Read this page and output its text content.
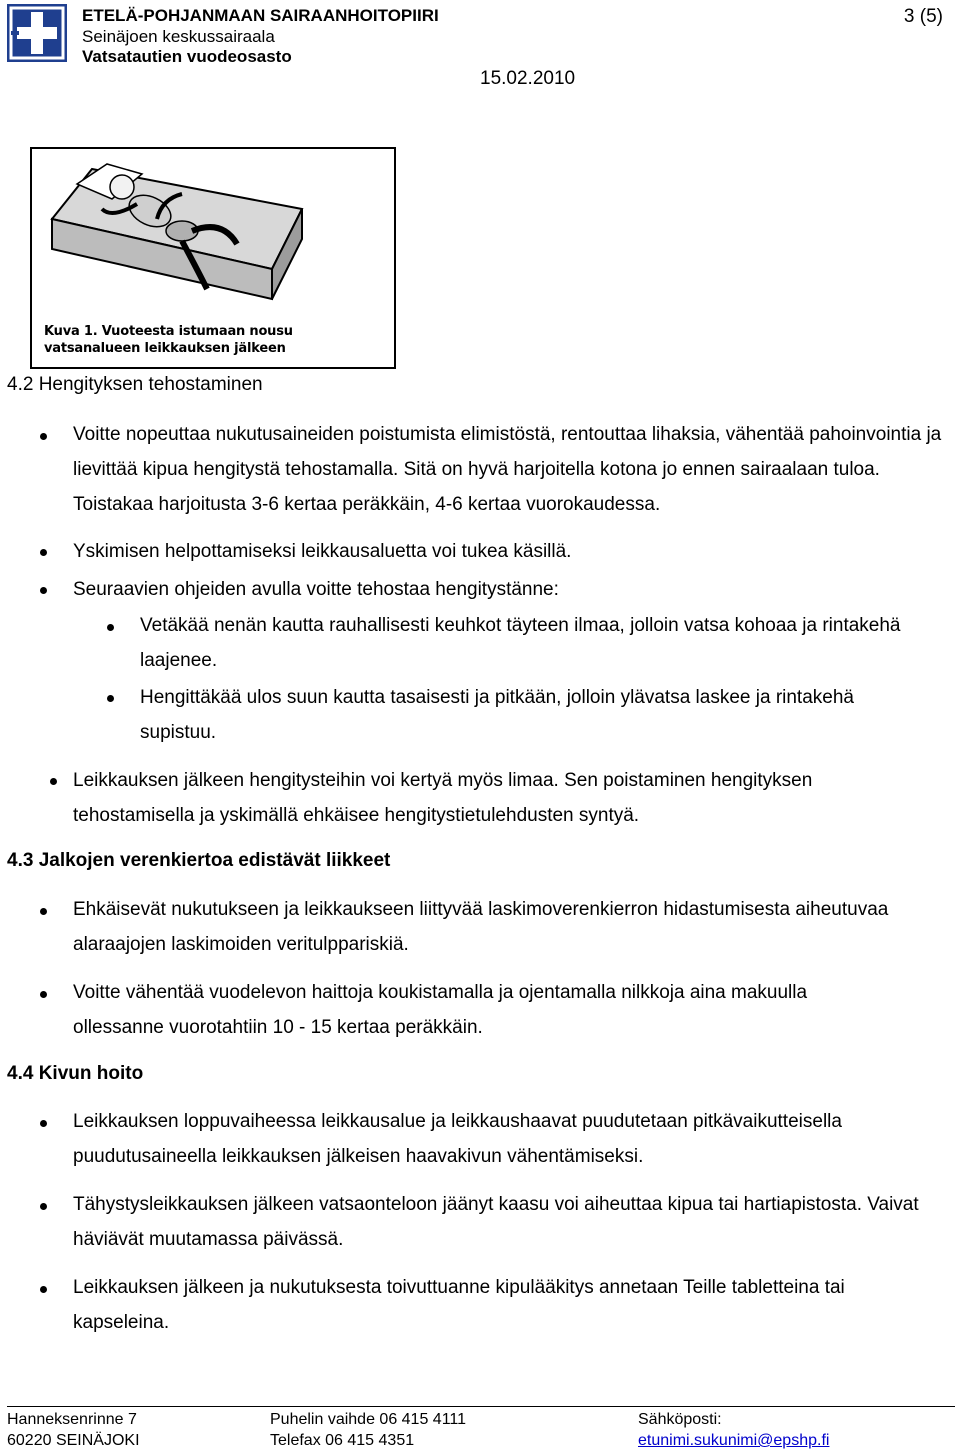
ETELÄ-POHJANMAAN SAIRAANHOITOPIIRI
Seinäjoen keskussairaala
Vatsatautien vuodeosasto
3 (5)
15.02.2010
Kuva 1. Vuoteesta istumaan nousu
vatsanalueen leikkauksen jälkeen
4.2 Hengityksen tehostaminen

Voitte nopeuttaa nukutusaineiden poistumista elimistöstä, rentouttaa lihaksia, vähentää pahoinvointia ja lievittää kipua hengitystä tehostamalla. Sitä on hyvä harjoitella kotona jo ennen sairaalaan tuloa. Toistakaa harjoitusta 3-6 kertaa peräkkäin, 4-6 kertaa vuorokaudessa.

Yskimisen helpottamiseksi leikkausaluetta voi tukea käsillä.

Seuraavien ohjeiden avulla voitte tehostaa hengitystänne:

Vetäkää nenän kautta rauhallisesti keuhkot täyteen ilmaa, jolloin vatsa kohoaa ja rintakehä laajenee.

Hengittäkää ulos suun kautta tasaisesti ja pitkään, jolloin ylävatsa laskee ja rintakehä supistuu.

Leikkauksen jälkeen hengitysteihin voi kertyä myös limaa. Sen poistaminen hengityksen tehostamisella ja yskimällä ehkäisee hengitystietulehdusten syntyä.

4.3 Jalkojen verenkiertoa edistävät liikkeet

Ehkäisevät nukutukseen ja leikkaukseen liittyvää laskimoverenkierron hidastumisesta aiheutuvaa alaraajojen laskimoiden veritulppariskiä.

Voitte vähentää vuodelevon haittoja koukistamalla ja ojentamalla nilkkoja aina makuulla ollessanne vuorotahtiin 10 - 15 kertaa peräkkäin.

4.4 Kivun hoito

Leikkauksen loppuvaiheessa leikkausalue ja leikkaushaavat puudutetaan pitkävaikutteisella puudutusaineella leikkauksen jälkeisen haavakivun vähentämiseksi.

Tähystysleikkauksen jälkeen vatsaonteloon jäänyt kaasu voi aiheuttaa kipua tai hartiapistosta. Vaivat häviävät muutamassa päivässä.

Leikkauksen jälkeen ja nukutuksesta toivuttuanne kipulääkitys annetaan Teille tabletteina tai kapseleina.

Hanneksenrinne 7
60220 SEINÄJOKI
Puhelin vaihde 06 415 4111
Telefax 06 415 4351
Sähköposti:
etunimi.sukunimi@epshp.fi
